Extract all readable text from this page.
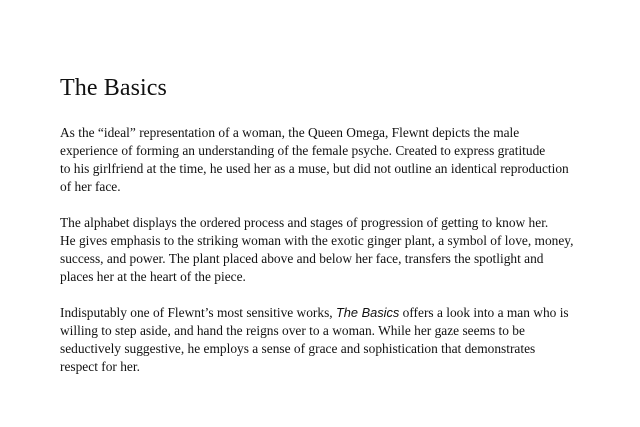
The Basics

As the “ideal” representation of a woman, the Queen Omega, Flewnt depicts the male
experience of forming an understanding of the female psyche. Created to express gratitude
to his girlfriend at the time, he used her as a muse, but did not outline an identical reproduction
of her face.

The alphabet displays the ordered process and stages of progression of getting to know her.
He gives emphasis to the striking woman with the exotic ginger plant, a symbol of love, money,
success, and power. The plant placed above and below her face, transfers the spotlight and
places her at the heart of the piece.

Indisputably one of Flewnt’s most sensitive works, The Basics offers a look into a man who is
willing to step aside, and hand the reigns over to a woman. While her gaze seems to be
seductively suggestive, he employs a sense of grace and sophistication that demonstrates
respect for her.
